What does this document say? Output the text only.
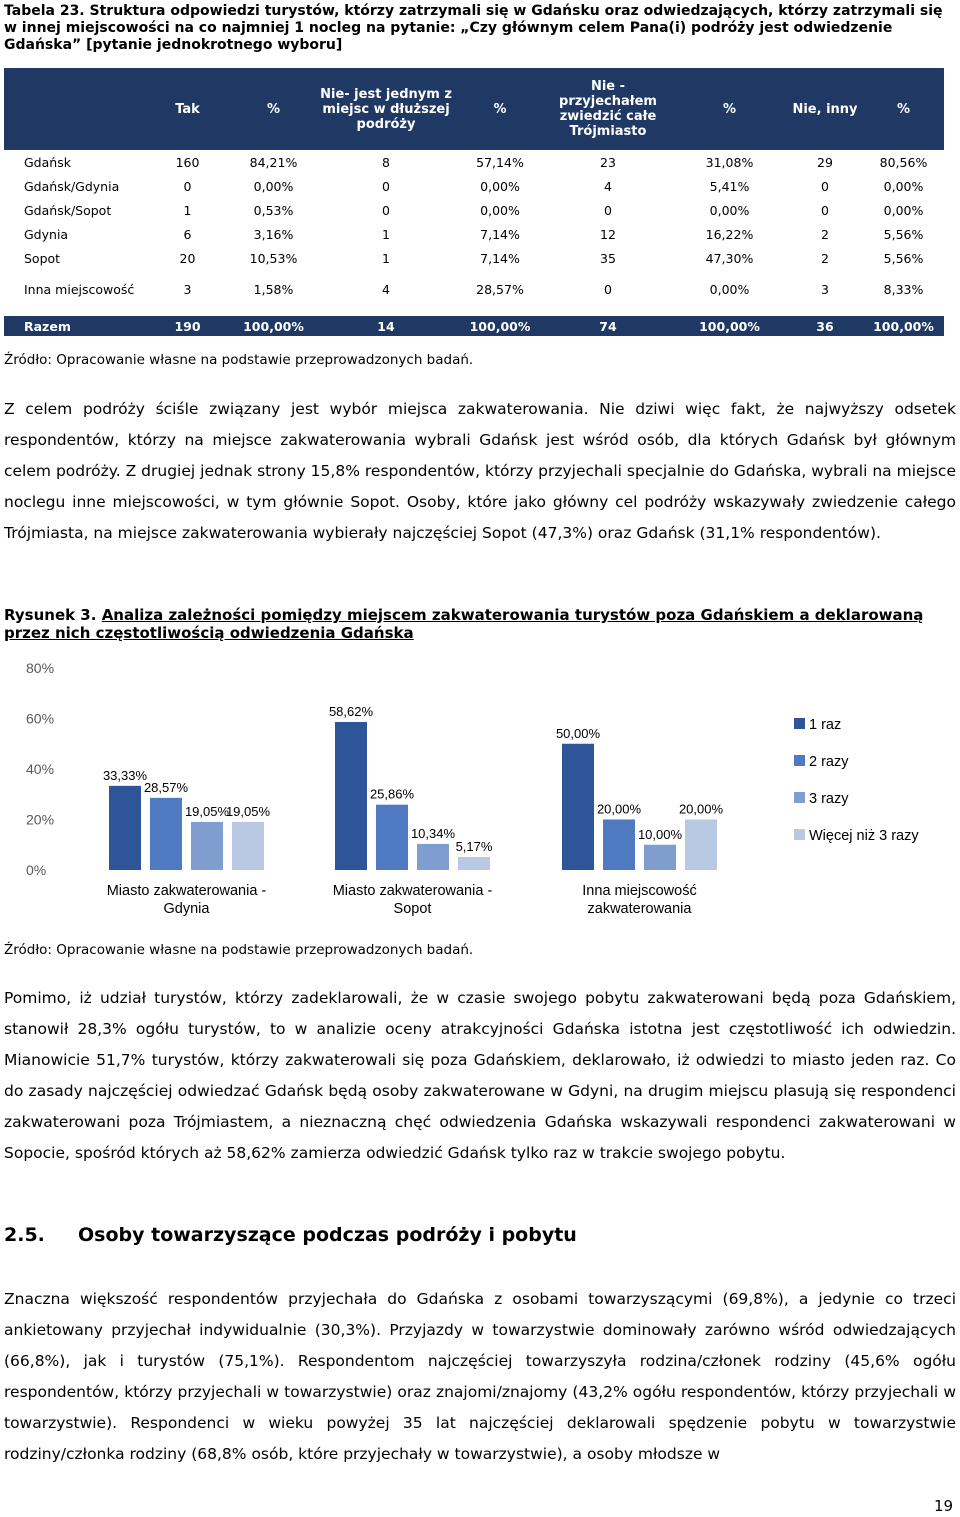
Tabela 23. Struktura odpowiedzi turystów, którzy zatrzymali się w Gdańsku oraz odwiedzających, którzy zatrzymali się w innej miejscowości na co najmniej 1 nocleg na pytanie: „Czy głównym celem Pana(i) podróży jest odwiedzenie Gdańska” [pytanie jednokrotnego wyboru]

	Tak	%	Nie- jest jednym z miejsc w dłuższej podróży	%	Nie - przyjechałem zwiedzić całe Trójmiasto	%	Nie, inny	%
Gdańsk	160	84,21%	8	57,14%	23	31,08%	29	80,56%
Gdańsk/Gdynia	0	0,00%	0	0,00%	4	5,41%	0	0,00%
Gdańsk/Sopot	1	0,53%	0	0,00%	0	0,00%	0	0,00%
Gdynia	6	3,16%	1	7,14%	12	16,22%	2	5,56%
Sopot	20	10,53%	1	7,14%	35	47,30%	2	5,56%
Inna miejscowość	3	1,58%	4	28,57%	0	0,00%	3	8,33%

Razem	190	100,00%	14	100,00%	74	100,00%	36	100,00%

Źródło: Opracowanie własne na podstawie przeprowadzonych badań.

Z celem podróży ściśle związany jest wybór miejsca zakwaterowania. Nie dziwi więc fakt, że najwyższy odsetek respondentów, którzy na miejsce zakwaterowania wybrali Gdańsk jest wśród osób, dla których Gdańsk był głównym celem podróży. Z drugiej jednak strony 15,8% respondentów, którzy przyjechali specjalnie do Gdańska, wybrali na miejsce noclegu inne miejscowości, w tym głównie Sopot. Osoby, które jako główny cel podróży wskazywały zwiedzenie całego Trójmiasta, na miejsce zakwaterowania wybierały najczęściej Sopot (47,3%) oraz Gdańsk (31,1% respondentów).

Rysunek 3. Analiza zależności pomiędzy miejscem zakwaterowania turystów poza Gdańskiem a deklarowaną przez nich częstotliwością odwiedzenia Gdańska

0%
20%
40%
60%
80%
33,33%
28,57%
19,05%
19,05%
Miasto zakwaterowania -
Gdynia
58,62%
25,86%
10,34%
5,17%
Miasto zakwaterowania -
Sopot
50,00%
20,00%
10,00%
20,00%
Inna miejscowość
zakwaterowania
1 raz
2 razy
3 razy
Więcej niż 3 razy

Źródło: Opracowanie własne na podstawie przeprowadzonych badań.

Pomimo, iż udział turystów, którzy zadeklarowali, że w czasie swojego pobytu zakwaterowani będą poza Gdańskiem, stanowił 28,3% ogółu turystów, to w analizie oceny atrakcyjności Gdańska istotna jest częstotliwość ich odwiedzin. Mianowicie 51,7% turystów, którzy zakwaterowali się poza Gdańskiem, deklarowało, iż odwiedzi to miasto jeden raz. Co do zasady najczęściej odwiedzać Gdańsk będą osoby zakwaterowane w Gdyni, na drugim miejscu plasują się respondenci zakwaterowani poza Trójmiastem, a nieznaczną chęć odwiedzenia Gdańska wskazywali respondenci zakwaterowani w Sopocie, spośród których aż 58,62% zamierza odwiedzić Gdańsk tylko raz w trakcie swojego pobytu.

2.5. Osoby towarzyszące podczas podróży i pobytu

Znaczna większość respondentów przyjechała do Gdańska z osobami towarzyszącymi (69,8%), a jedynie co trzeci ankietowany przyjechał indywidualnie (30,3%). Przyjazdy w towarzystwie dominowały zarówno wśród odwiedzających (66,8%), jak i turystów (75,1%). Respondentom najczęściej towarzyszyła rodzina/członek rodziny (45,6% ogółu respondentów, którzy przyjechali w towarzystwie) oraz znajomi/znajomy (43,2% ogółu respondentów, którzy przyjechali w towarzystwie). Respondenci w wieku powyżej 35 lat najczęściej deklarowali spędzenie pobytu w towarzystwie rodziny/członka rodziny (68,8% osób, które przyjechały w towarzystwie), a osoby młodsze w

19
